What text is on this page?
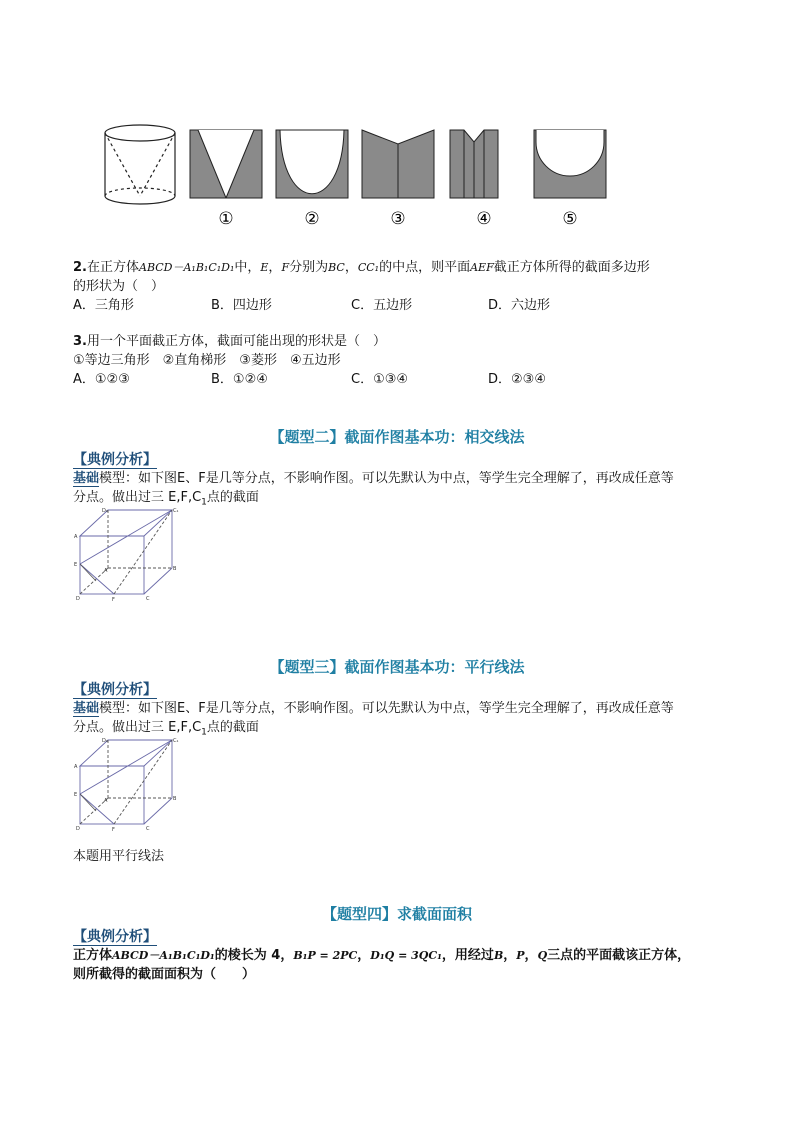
①	②	③	④	⑤
2.在正方体ABCD－A₁B₁C₁D₁中，E，F分别为BC，CC₁的中点，则平面AEF截正方体所得的截面多边形
的形状为（　）
A．三角形	B．四边形	C．五边形	D．六边形
3.用一个平面截正方体，截面可能出现的形状是（　）
①等边三角形　②直角梯形　③菱形　④五边形
A．①②③	B．①②④	C．①③④	D．②③④
【题型二】截面作图基本功：相交线法
【典例分析】
基础模型：如下图E、F是几等分点，不影响作图。可以先默认为中点，等学生完全理解了，再改成任意等
分点。做出过三 $E,F,C_1$点的截面
D₁	C₁
A
E
B
D	F	C
A
【题型三】截面作图基本功：平行线法
【典例分析】
基础模型：如下图E、F是几等分点，不影响作图。可以先默认为中点，等学生完全理解了，再改成任意等
分点。做出过三 $E,F,C_1$点的截面
D₁	C₁
A
E
B
D	F	C
A
本题用平行线法
【题型四】求截面面积
【典例分析】
正方体ABCD－A₁B₁C₁D₁的棱长为 4，B₁P = 2PC，D₁Q = 3QC₁，用经过B，P，Q三点的平面截该正方体，
则所截得的截面面积为（　　）
